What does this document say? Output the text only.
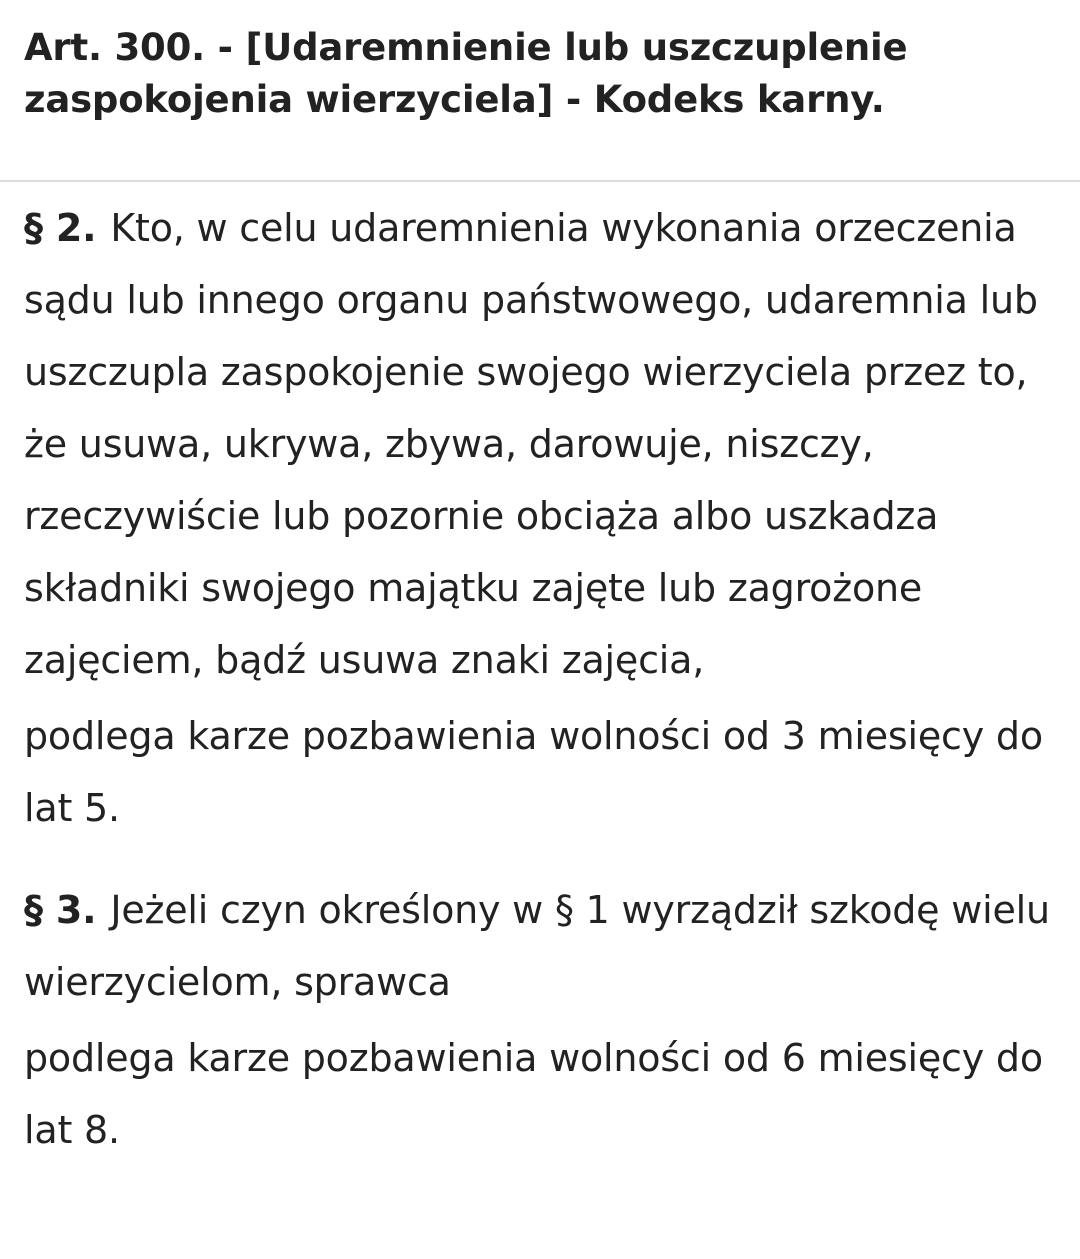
Art. 300. - [Udaremnienie lub uszczuplenie zaspokojenia wierzyciela] - Kodeks karny.

§ 2. Kto, w celu udaremnienia wykonania orzeczenia sądu lub innego organu państwowego, udaremnia lub uszczupla zaspokojenie swojego wierzyciela przez to, że usuwa, ukrywa, zbywa, darowuje, niszczy, rzeczywiście lub pozornie obciąża albo uszkadza składniki swojego majątku zajęte lub zagrożone zajęciem, bądź usuwa znaki zajęcia,

podlega karze pozbawienia wolności od 3 miesięcy do lat 5.

§ 3. Jeżeli czyn określony w § 1 wyrządził szkodę wielu wierzycielom, sprawca

podlega karze pozbawienia wolności od 6 miesięcy do lat 8.
